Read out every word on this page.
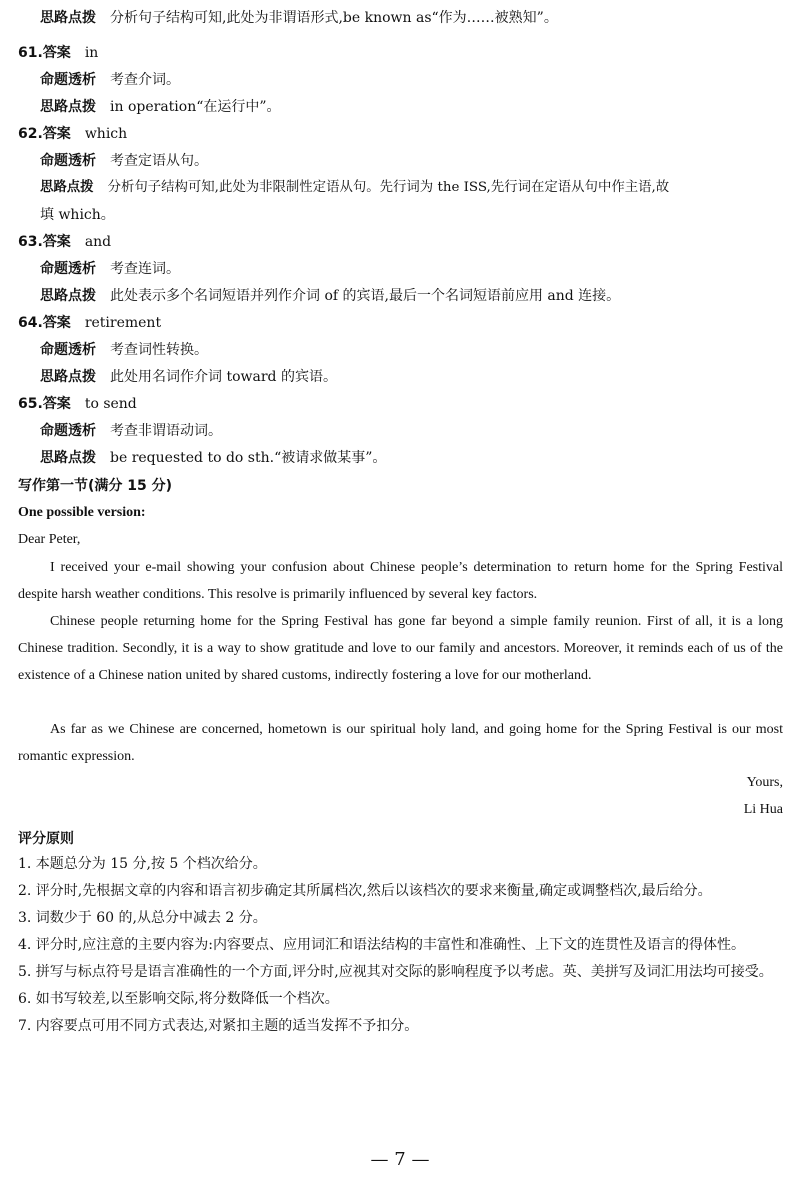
思路点拨 分析句子结构可知,此处为非谓语形式,be known as“作为……被熟知”。
61.答案 in
命题透析 考查介词。
思路点拨 in operation“在运行中”。
62.答案 which
命题透析 考查定语从句。
思路点拨 分析句子结构可知,此处为非限制性定语从句。先行词为 the ISS,先行词在定语从句中作主语,故
填 which。
63.答案 and
命题透析 考查连词。
思路点拨 此处表示多个名词短语并列作介词 of 的宾语,最后一个名词短语前应用 and 连接。
64.答案 retirement
命题透析 考查词性转换。
思路点拨 此处用名词作介词 toward 的宾语。
65.答案 to send
命题透析 考查非谓语动词。
思路点拨 be requested to do sth.“被请求做某事”。
写作第一节(满分 15 分)
One possible version:
Dear Peter,
I received your e-mail showing your confusion about Chinese people’s determination to return home for the Spring Festival despite harsh weather conditions. This resolve is primarily influenced by several key factors.
Chinese people returning home for the Spring Festival has gone far beyond a simple family reunion. First of all, it is a long Chinese tradition. Secondly, it is a way to show gratitude and love to our family and ancestors. Moreover, it reminds each of us of the existence of a Chinese nation united by shared customs, indirectly fostering a love for our motherland.
As far as we Chinese are concerned, hometown is our spiritual holy land, and going home for the Spring Festival is our most romantic expression.
Yours,
Li Hua
评分原则
1. 本题总分为 15 分,按 5 个档次给分。
2. 评分时,先根据文章的内容和语言初步确定其所属档次,然后以该档次的要求来衡量,确定或调整档次,最后给分。
3. 词数少于 60 的,从总分中减去 2 分。
4. 评分时,应注意的主要内容为:内容要点、应用词汇和语法结构的丰富性和准确性、上下文的连贯性及语言的得体性。
5. 拼写与标点符号是语言准确性的一个方面,评分时,应视其对交际的影响程度予以考虑。英、美拼写及词汇用法均可接受。
6. 如书写较差,以至影响交际,将分数降低一个档次。
7. 内容要点可用不同方式表达,对紧扣主题的适当发挥不予扣分。
— 7 —
